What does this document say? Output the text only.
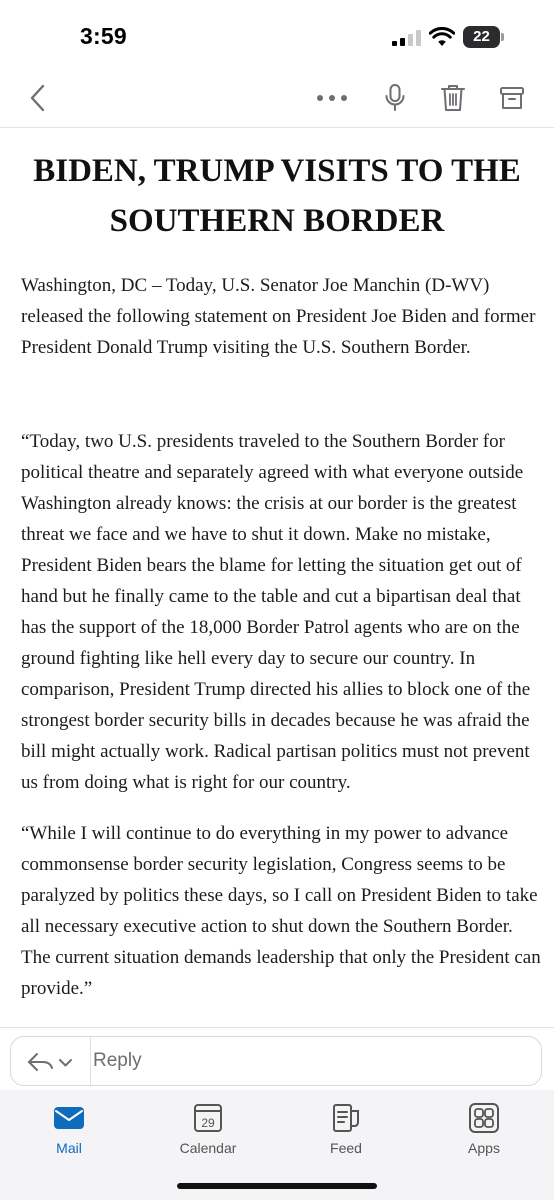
3:59	22
BIDEN, TRUMP VISITS TO THE
SOUTHERN BORDER

Washington, DC – Today, U.S. Senator Joe Manchin (D-WV) released the following statement on President Joe Biden and former President Donald Trump visiting the U.S. Southern Border.

“Today, two U.S. presidents traveled to the Southern Border for political theatre and separately agreed with what everyone outside Washington already knows: the crisis at our border is the greatest threat we face and we have to shut it down. Make no mistake, President Biden bears the blame for letting the situation get out of hand but he finally came to the table and cut a bipartisan deal that has the support of the 18,000 Border Patrol agents who are on the ground fighting like hell every day to secure our country. In comparison, President Trump directed his allies to block one of the strongest border security bills in decades because he was afraid the bill might actually work. Radical partisan politics must not prevent us from doing what is right for our country.

“While I will continue to do everything in my power to advance commonsense border security legislation, Congress seems to be paralyzed by politics these days, so I call on President Biden to take all necessary executive action to shut down the Southern Border. The current situation demands leadership that only the President can provide.”

Reply
Mail
29
Calendar	Feed	Apps
